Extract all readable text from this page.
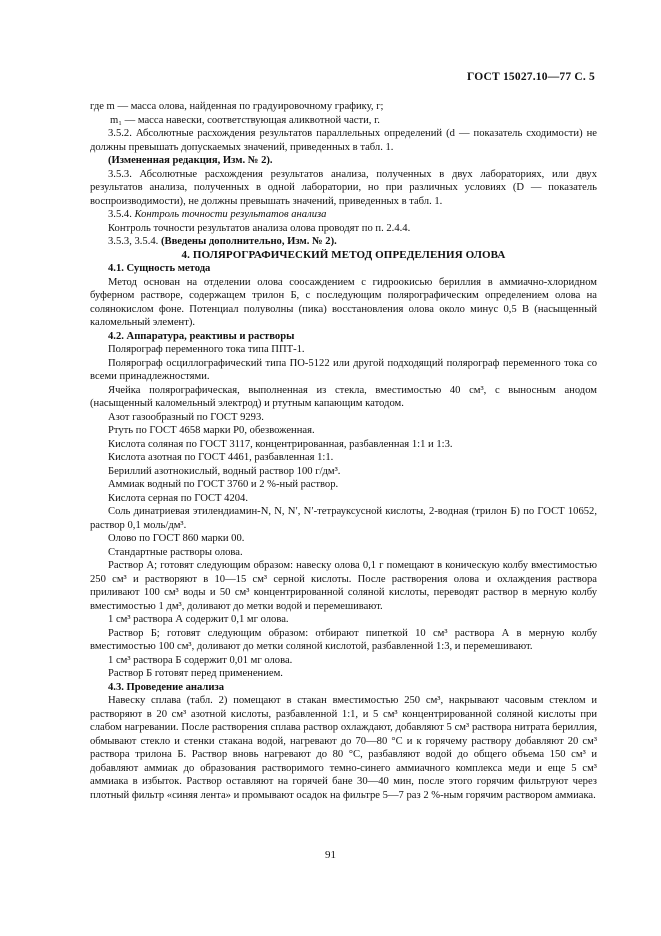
ГОСТ 15027.10—77 С. 5

где m — масса олова, найденная по градуировочному графику, г;

m₁ — масса навески, соответствующая аликвотной части, г.

3.5.2. Абсолютные расхождения результатов параллельных определений (d — показатель сходимости) не должны превышать допускаемых значений, приведенных в табл. 1.

(Измененная редакция, Изм. № 2).

3.5.3. Абсолютные расхождения результатов анализа, полученных в двух лабораториях, или двух результатов анализа, полученных в одной лаборатории, но при различных условиях (D — показатель воспроизводимости), не должны превышать значений, приведенных в табл. 1.

3.5.4. Контроль точности результатов анализа

Контроль точности результатов анализа олова проводят по п. 2.4.4.

3.5.3, 3.5.4. (Введены дополнительно, Изм. № 2).

4. ПОЛЯРОГРАФИЧЕСКИЙ МЕТОД ОПРЕДЕЛЕНИЯ ОЛОВА

4.1. Сущность метода

Метод основан на отделении олова соосаждением с гидроокисью бериллия в аммиачно-хлоридном буферном растворе, содержащем трилон Б, с последующим полярографическим определением олова на солянокислом фоне. Потенциал полуволны (пика) восстановления олова около минус 0,5 В (насыщенный каломельный элемент).

4.2. Аппаратура, реактивы и растворы

Полярограф переменного тока типа ППТ-1.

Полярограф осциллографический типа ПО-5122 или другой подходящий полярограф переменного тока со всеми принадлежностями.

Ячейка полярографическая, выполненная из стекла, вместимостью 40 см³, с выносным анодом (насыщенный каломельный электрод) и ртутным капающим катодом.

Азот газообразный по ГОСТ 9293.

Ртуть по ГОСТ 4658 марки Р0, обезвоженная.

Кислота соляная по ГОСТ 3117, концентрированная, разбавленная 1:1 и 1:3.

Кислота азотная по ГОСТ 4461, разбавленная 1:1.

Бериллий азотнокислый, водный раствор 100 г/дм³.

Аммиак водный по ГОСТ 3760 и 2 %-ный раствор.

Кислота серная по ГОСТ 4204.

Соль динатриевая этилендиамин-N, N, N′, N′-тетрауксусной кислоты, 2-водная (трилон Б) по ГОСТ 10652, раствор 0,1 моль/дм³.

Олово по ГОСТ 860 марки 00.

Стандартные растворы олова.

Раствор А; готовят следующим образом: навеску олова 0,1 г помещают в коническую колбу вместимостью 250 см³ и растворяют в 10—15 см³ серной кислоты. После растворения олова и охлаждения раствора приливают 100 см³ воды и 50 см³ концентрированной соляной кислоты, переводят раствор в мерную колбу вместимостью 1 дм³, доливают до метки водой и перемешивают.

1 см³ раствора А содержит 0,1 мг олова.

Раствор Б; готовят следующим образом: отбирают пипеткой 10 см³ раствора А в мерную колбу вместимостью 100 см³, доливают до метки соляной кислотой, разбавленной 1:3, и перемешивают.

1 см³ раствора Б содержит 0,01 мг олова.

Раствор Б готовят перед применением.

4.3. Проведение анализа

Навеску сплава (табл. 2) помещают в стакан вместимостью 250 см³, накрывают часовым стеклом и растворяют в 20 см³ азотной кислоты, разбавленной 1:1, и 5 см³ концентрированной соляной кислоты при слабом нагревании. После растворения сплава раствор охлаждают, добавляют 5 см³ раствора нитрата бериллия, обмывают стекло и стенки стакана водой, нагревают до 70—80 °С и к горячему раствору добавляют 20 см³ раствора трилона Б. Раствор вновь нагревают до 80 °С, разбавляют водой до общего объема 150 см³ и добавляют аммиак до образования растворимого темно-синего аммиачного комплекса меди и еще 5 см³ аммиака в избыток. Раствор оставляют на горячей бане 30—40 мин, после этого горячим фильтруют через плотный фильтр «синяя лента» и промывают осадок на фильтре 5—7 раз 2 %-ным горячим раствором аммиака.

91
